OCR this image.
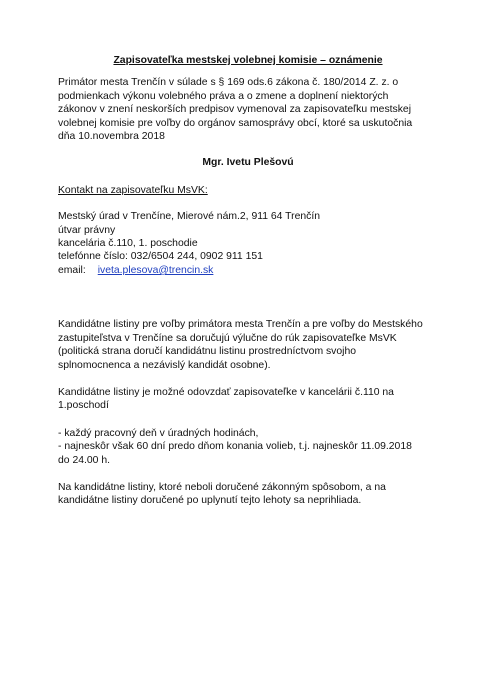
Zapisovateľka mestskej volebnej komisie – oznámenie
Primátor mesta Trenčín v súlade s § 169 ods.6 zákona č. 180/2014 Z. z. o
podmienkach výkonu volebného práva a o zmene a doplnení niektorých
zákonov v znení neskorších predpisov vymenoval za zapisovateľku mestskej
volebnej komisie pre voľby do orgánov samosprávy obcí, ktoré sa uskutočnia
dňa 10.novembra 2018
Mgr. Ivetu Plešovú
Kontakt na zapisovateľku MsVK:
Mestský úrad v Trenčíne, Mierové nám.2, 911 64 Trenčín
útvar právny
kancelária č.110, 1. poschodie
telefónne číslo: 032/6504 244, 0902 911 151
email: iveta.plesova@trencin.sk
Kandidátne listiny pre voľby primátora mesta Trenčín a pre voľby do Mestského
zastupiteľstva v Trenčíne sa doručujú výlučne do rúk zapisovateľke MsVK
(politická strana doručí kandidátnu listinu prostredníctvom svojho
splnomocnenca a nezávislý kandidát osobne).
Kandidátne listiny je možné odovzdať zapisovateľke v kancelárii č.110 na
1.poschodí
- každý pracovný deň v úradných hodinách,
- najneskôr však 60 dní predo dňom konania volieb, t.j. najneskôr 11.09.2018
do 24.00 h.
Na kandidátne listiny, ktoré neboli doručené zákonným spôsobom, a na
kandidátne listiny doručené po uplynutí tejto lehoty sa neprihliada.
